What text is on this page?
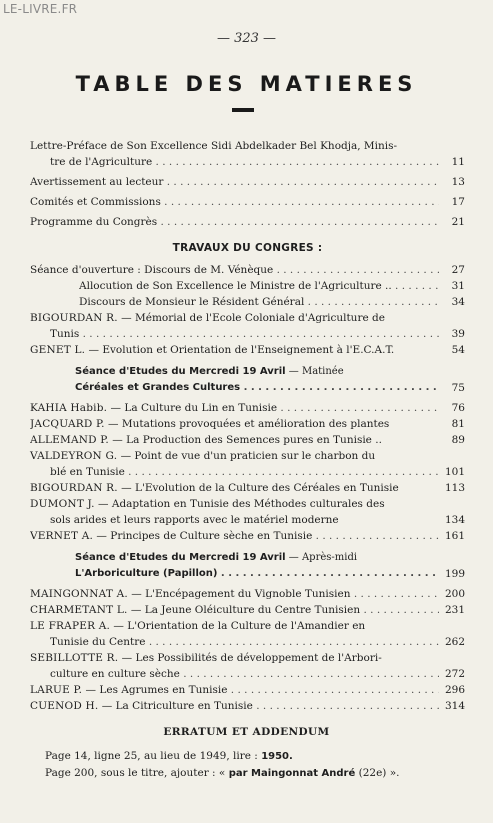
LE-LIVRE.FR
— 323 —
TABLE DES MATIERES
Lettre-Préface de Son Excellence Sidi Abdelkader Bel Khodja, Minis-
tre de l'Agriculture . . .	11
Avertissement au lecteur . . .	13
Comités et Commissions . . .	17
Programme du Congrès . . .	21
TRAVAUX DU CONGRES :
Séance d'ouverture : Discours de M. Vénèque . . .	27
Allocution de Son Excellence le Ministre de l'Agriculture .. . . .	31
Discours de Monsieur le Résident Général . . .	34
BIGOURDAN R. — Mémorial de l'Ecole Coloniale d'Agriculture de
Tunis . . .	39
GENET L. — Evolution et Orientation de l'Enseignement à l'E.C.A.T.	54
Séance d'Etudes du Mercredi 19 Avril — Matinée
Céréales et Grandes Cultures . . .	75
KAHIA Habib. — La Culture du Lin en Tunisie . . .	76
JACQUARD P. — Mutations provoquées et amélioration des plantes	81
ALLEMAND P. — La Production des Semences pures en Tunisie ..	89
VALDEYRON G. — Point de vue d'un praticien sur le charbon du
blé en Tunisie . . .	101
BIGOURDAN R. — L'Evolution de la Culture des Céréales en Tunisie	113
DUMONT J. — Adaptation en Tunisie des Méthodes culturales des
sols arides et leurs rapports avec le matériel moderne	134
VERNET A. — Principes de Culture sèche en Tunisie . . .	161
Séance d'Etudes du Mercredi 19 Avril — Après-midi
L'Arboriculture (Papillon) . . .	199
MAINGONNAT A. — L'Encépagement du Vignoble Tunisien . . .	200
CHARMETANT L. — La Jeune Oléiculture du Centre Tunisien . . .	231
LE FRAPER A. — L'Orientation de la Culture de l'Amandier en
Tunisie du Centre . . .	262
SEBILLOTTE R. — Les Possibilités de développement de l'Arbori-
culture en culture sèche . . .	272
LARUE P. — Les Agrumes en Tunisie . . .	296
CUENOD H. — La Citriculture en Tunisie . . .	314
ERRATUM ET ADDENDUM
Page 14, ligne 25, au lieu de 1949, lire : 1950.
Page 200, sous le titre, ajouter : « par Maingonnat André (22e) ».
